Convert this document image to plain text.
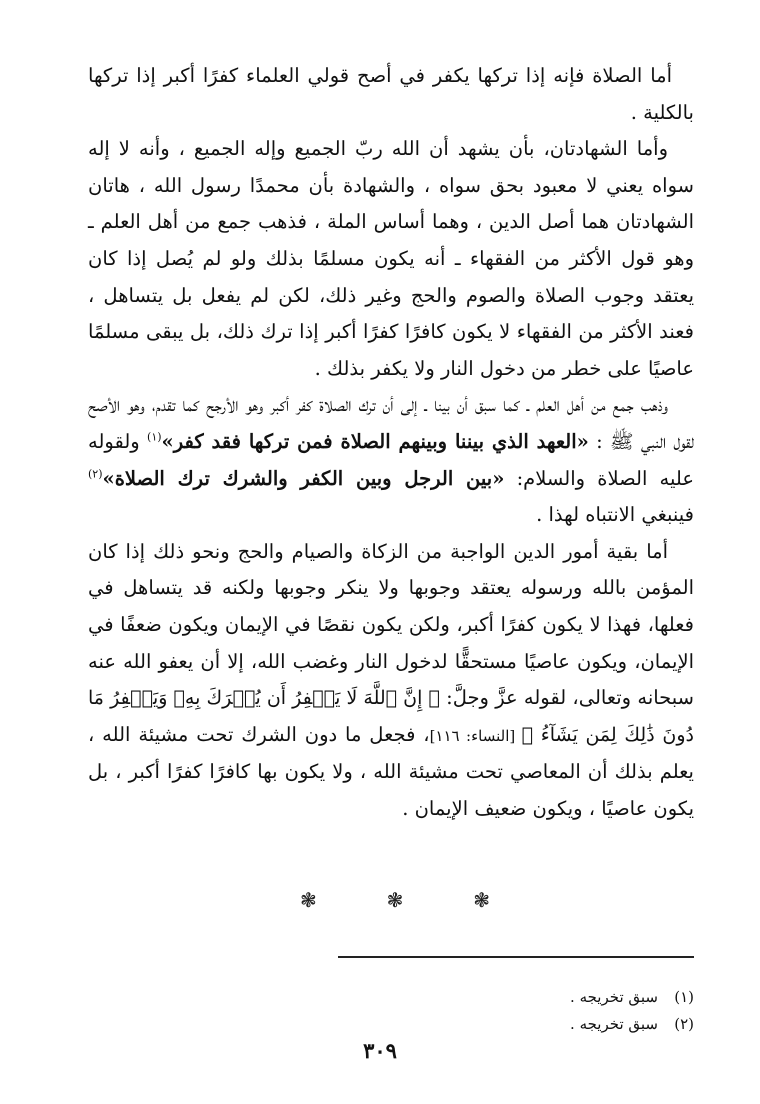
أما الصلاة فإنه إذا تركها يكفر في أصح قولي العلماء كفرًا أكبر إذا تركها بالكلية .

وأما الشهادتان، بأن يشهد أن الله ربّ الجميع وإله الجميع ، وأنه لا إله سواه يعني لا معبود بحق سواه ، والشهادة بأن محمدًا رسول الله ، هاتان الشهادتان هما أصل الدين ، وهما أساس الملة ، فذهب جمع من أهل العلم ـ وهو قول الأكثر من الفقهاء ـ أنه يكون مسلمًا بذلك ولو لم يُصل إذا كان يعتقد وجوب الصلاة والصوم والحج وغير ذلك، لكن لم يفعل بل يتساهل ، فعند الأكثر من الفقهاء لا يكون كافرًا كفرًا أكبر إذا ترك ذلك، بل يبقى مسلمًا عاصيًا على خطر من دخول النار ولا يكفر بذلك .

وذهب جمع من أهل العلم ـ كما سبق أن بينا ـ إلى أن ترك الصلاة كفر أكبر وهو الأرجح كما تقدم، وهو الأصح لقول النبي ﷺ : «العهد الذي بيننا وبينهم الصلاة فمن تركها فقد كفر»$^{(١)}$ ولقوله عليه الصلاة والسلام: «بين الرجل وبين الكفر والشرك ترك الصلاة»$^{(٢)}$ فينبغي الانتباه لهذا .

أما بقية أمور الدين الواجبة من الزكاة والصيام والحج ونحو ذلك إذا كان المؤمن بالله ورسوله يعتقد وجوبها ولا ينكر وجوبها ولكنه قد يتساهل في فعلها، فهذا لا يكون كفرًا أكبر، ولكن يكون نقصًا في الإيمان ويكون ضعفًا في الإيمان، ويكون عاصيًا مستحقًّا لدخول النار وغضب الله، إلا أن يعفو الله عنه سبحانه وتعالى، لقوله عزَّ وجلَّ: ﴿ إِنَّ ٱللَّهَ لَا يَغۡفِرُ أَن يُشۡرَكَ بِهِۦ وَيَغۡفِرُ مَا دُونَ ذَٰلِكَ لِمَن يَشَآءُ ﴾ [النساء: ١١٦]، فجعل ما دون الشرك تحت مشيئة الله ، يعلم بذلك أن المعاصي تحت مشيئة الله ، ولا يكون بها كافرًا كفرًا أكبر ، بل يكون عاصيًا ، ويكون ضعيف الإيمان .

❃
❃
❃
(١)
سبق تخريجه .
(٢)
سبق تخريجه .
٣٠٩
